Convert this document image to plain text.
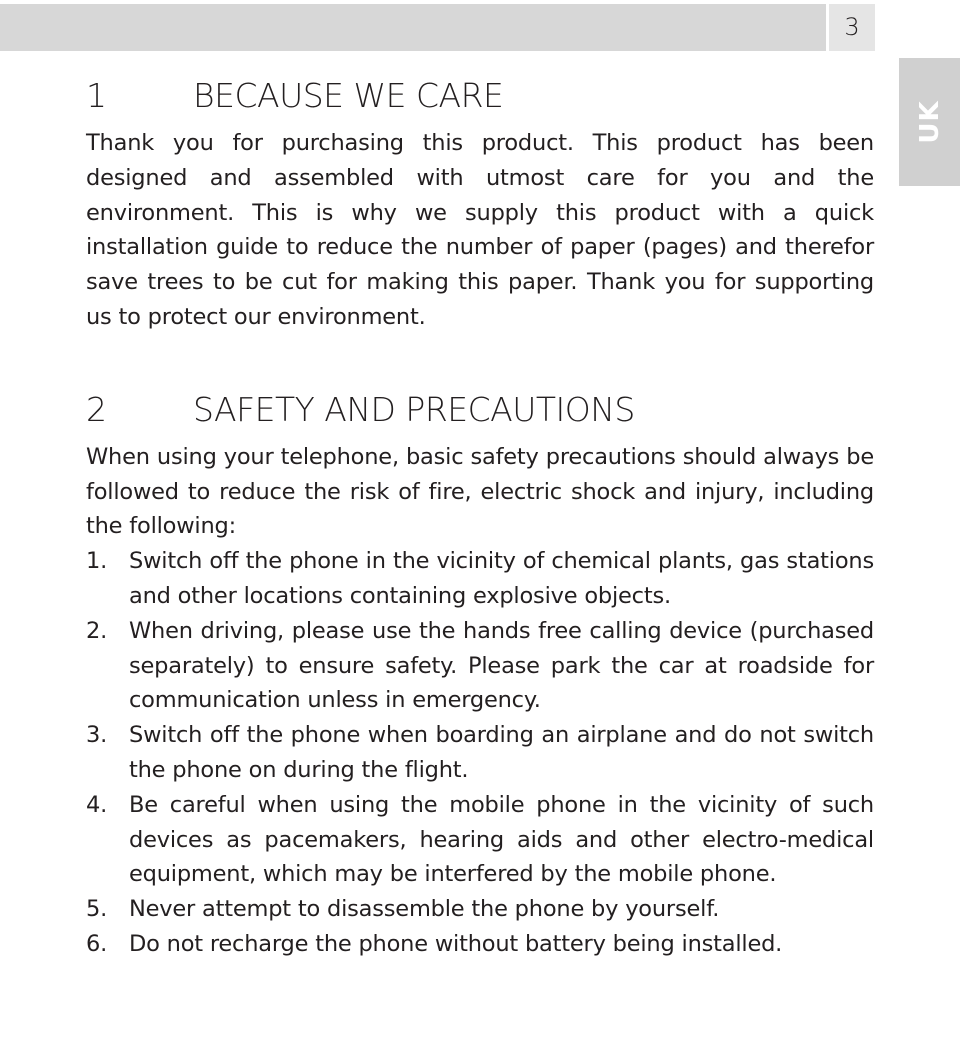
3
UK
1	BECAUSE WE CARE

Thank you for purchasing this product. This product has been designed and assembled with utmost care for you and the environment. This is why we supply this product with a quick installation guide to reduce the number of paper (pages) and therefor save trees to be cut for making this paper. Thank you for supporting us to protect our environment.

2	SAFETY AND PRECAUTIONS

When using your telephone, basic safety precautions should always be followed to reduce the risk of fire, electric shock and injury, including the following:

1. Switch off the phone in the vicinity of chemical plants, gas stations and other locations containing explosive objects.
2. When driving, please use the hands free calling device (purchased separately) to ensure safety. Please park the car at roadside for communication unless in emergency.
3. Switch off the phone when boarding an airplane and do not switch the phone on during the flight.
4. Be careful when using the mobile phone in the vicinity of such devices as pacemakers, hearing aids and other electro-medical equipment, which may be interfered by the mobile phone.
5. Never attempt to disassemble the phone by yourself.
6. Do not recharge the phone without battery being installed.
